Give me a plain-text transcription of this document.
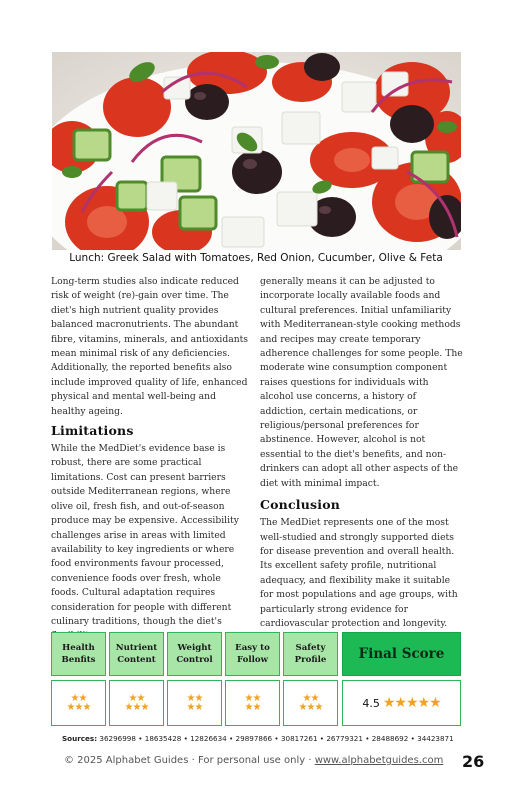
Lunch: Greek Salad with Tomatoes, Red Onion, Cucumber, Olive & Feta

Long-term studies also indicate reduced risk of weight (re)-gain over time. The diet's high nutrient quality provides balanced macronutrients. The abundant fibre, vitamins, minerals, and antioxidants mean minimal risk of any deficiencies. Additionally, the reported benefits also include improved quality of life, enhanced physical and mental well-being and healthy ageing.

Limitations

While the MedDiet's evidence base is robust, there are some practical limitations. Cost can present barriers outside Mediterranean regions, where olive oil, fresh fish, and out-of-season produce may be expensive. Accessibility challenges arise in areas with limited availability to key ingredients or where food environments favour processed, convenience foods over fresh, whole foods. Cultural adaptation requires consideration for people with different culinary traditions, though the diet's

generally means it can be adjusted to incorporate locally available foods and cultural preferences. Initial unfamiliarity with Mediterranean-style cooking methods and recipes may create temporary adherence challenges for some people. The moderate wine consumption component raises questions for individuals with alcohol use concerns, a history of addiction, certain medications, or religious/personal preferences for abstinence. However, alcohol is not essential to the diet's benefits, and non-drinkers can adopt all other aspects of the diet with minimal impact.

Conclusion

The MedDiet represents one of the most well-studied and strongly supported diets for disease prevention and overall health. Its excellent safety profile, nutritional adequacy, and flexibility make it suitable for most populations and age groups, with particularly strong evidence for cardiovascular protection and longevity.

Health
Benfits
Nutrient
Content
Weight
Control
Easy to
Follow
Safety
Profile	Final Score
★★
★★★
★★
★★★
★★
★★
★★
★★
★★
★★★	4.5 ★★★★★
Sources: 36296998 • 18635428 • 12826634 • 29897866 • 30817261 • 26779321 • 28488692 • 34423871
© 2025 Alphabet Guides · For personal use only · www.alphabetguides.com 26
